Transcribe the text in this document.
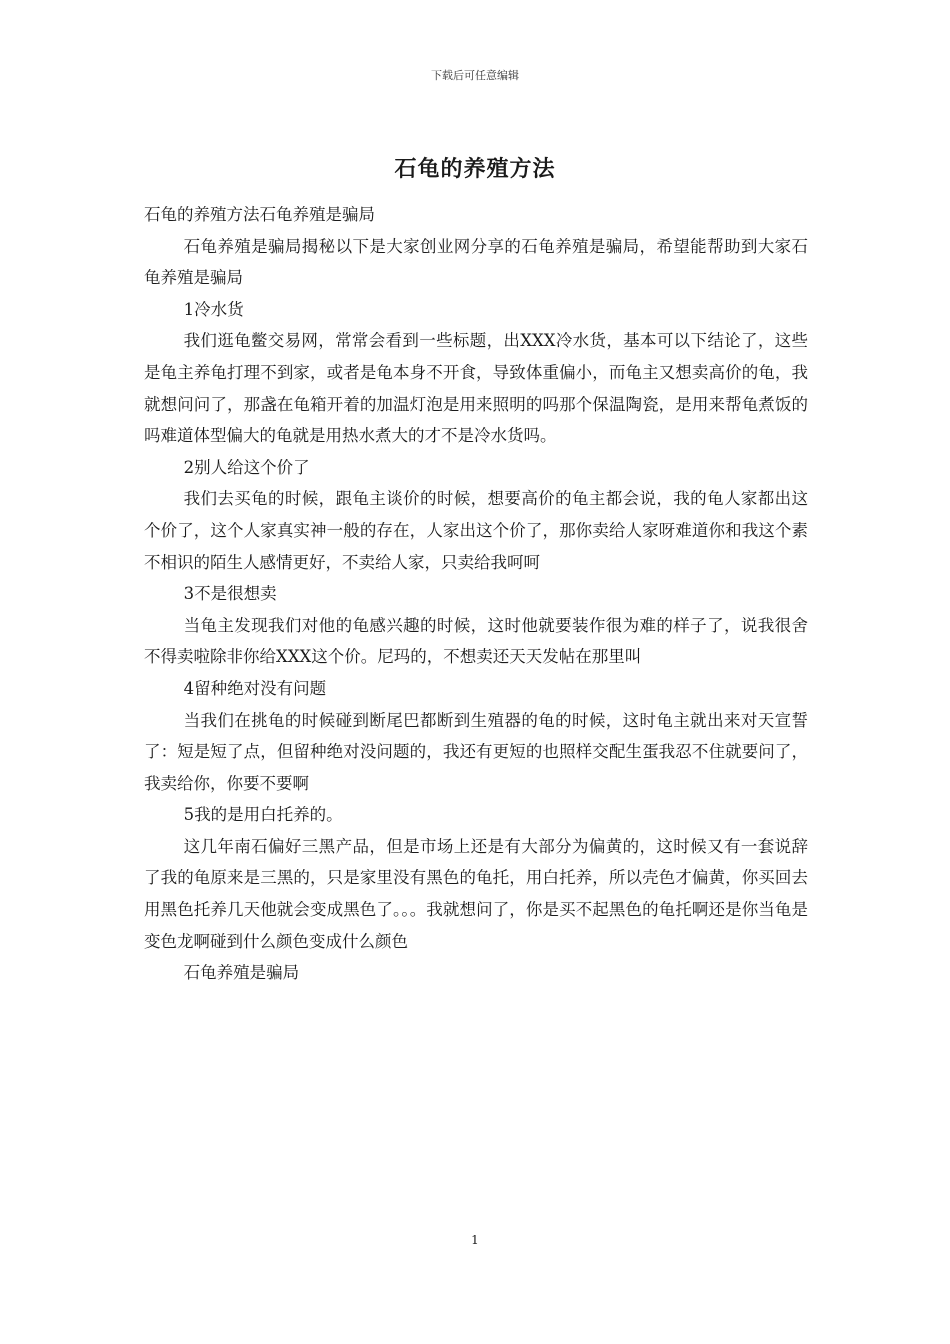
下载后可任意编辑
石龟的养殖方法

石龟的养殖方法石龟养殖是骗局

石龟养殖是骗局揭秘以下是大家创业网分享的石龟养殖是骗局，希望能帮助到大家石龟养殖是骗局

1冷水货

我们逛龟鳖交易网，常常会看到一些标题，出XXX冷水货，基本可以下结论了，这些是龟主养龟打理不到家，或者是龟本身不开食，导致体重偏小，而龟主又想卖高价的龟，我就想问问了，那盏在龟箱开着的加温灯泡是用来照明的吗那个保温陶瓷，是用来帮龟煮饭的吗难道体型偏大的龟就是用热水煮大的才不是冷水货吗。

2别人给这个价了

我们去买龟的时候，跟龟主谈价的时候，想要高价的龟主都会说，我的龟人家都出这个价了，这个人家真实神一般的存在，人家出这个价了，那你卖给人家呀难道你和我这个素不相识的陌生人感情更好，不卖给人家，只卖给我呵呵

3不是很想卖

当龟主发现我们对他的龟感兴趣的时候，这时他就要装作很为难的样子了，说我很舍不得卖啦除非你给XXX这个价。尼玛的，不想卖还天天发帖在那里叫

4留种绝对没有问题

当我们在挑龟的时候碰到断尾巴都断到生殖器的龟的时候，这时龟主就出来对天宣誓了：短是短了点，但留种绝对没问题的，我还有更短的也照样交配生蛋我忍不住就要问了，我卖给你，你要不要啊

5我的是用白托养的。

这几年南石偏好三黑产品，但是市场上还是有大部分为偏黄的，这时候又有一套说辞了我的龟原来是三黑的，只是家里没有黑色的龟托，用白托养，所以壳色才偏黄，你买回去用黑色托养几天他就会变成黑色了。。。我就想问了，你是买不起黑色的龟托啊还是你当龟是变色龙啊碰到什么颜色变成什么颜色

石龟养殖是骗局

1
